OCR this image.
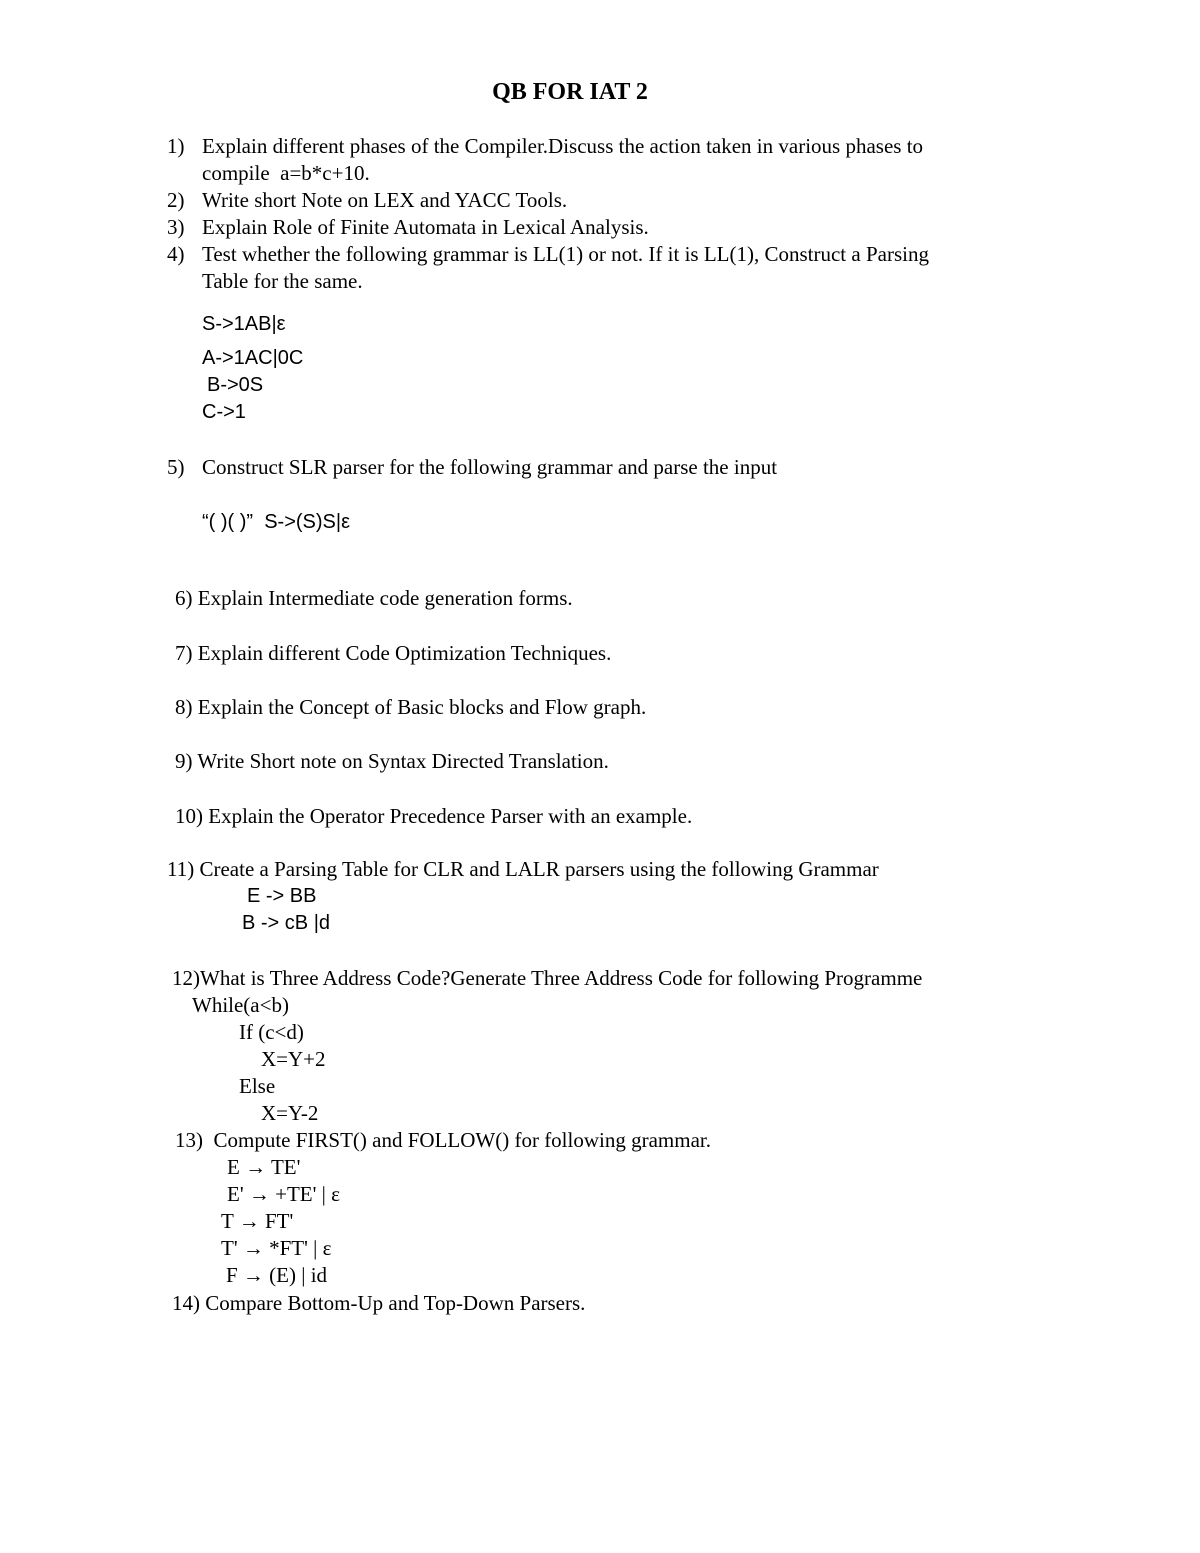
QB FOR IAT 2
1) Explain different phases of the Compiler.Discuss the action taken in various phases to
compile  a=b*c+10.
2) Write short Note on LEX and YACC Tools.
3) Explain Role of Finite Automata in Lexical Analysis.
4) Test whether the following grammar is LL(1) or not. If it is LL(1), Construct a Parsing
Table for the same.
S->1AB|ε
A->1AC|0C
B->0S
C->1
5) Construct SLR parser for the following grammar and parse the input
“( )( )”  S->(S)S|ε
6) Explain Intermediate code generation forms.
7) Explain different Code Optimization Techniques.
8) Explain the Concept of Basic blocks and Flow graph.
9) Write Short note on Syntax Directed Translation.
10) Explain the Operator Precedence Parser with an example.
11) Create a Parsing Table for CLR and LALR parsers using the following Grammar
E -> BB
B -> cB |d
12)What is Three Address Code?Generate Three Address Code for following Programme
While(a<b)
If (c<d)
X=Y+2
Else
X=Y-2
13)  Compute FIRST() and FOLLOW() for following grammar.
E → TE'
E' → +TE' | ε
T → FT'
T' → *FT' | ε
F → (E) | id
14) Compare Bottom-Up and Top-Down Parsers.
